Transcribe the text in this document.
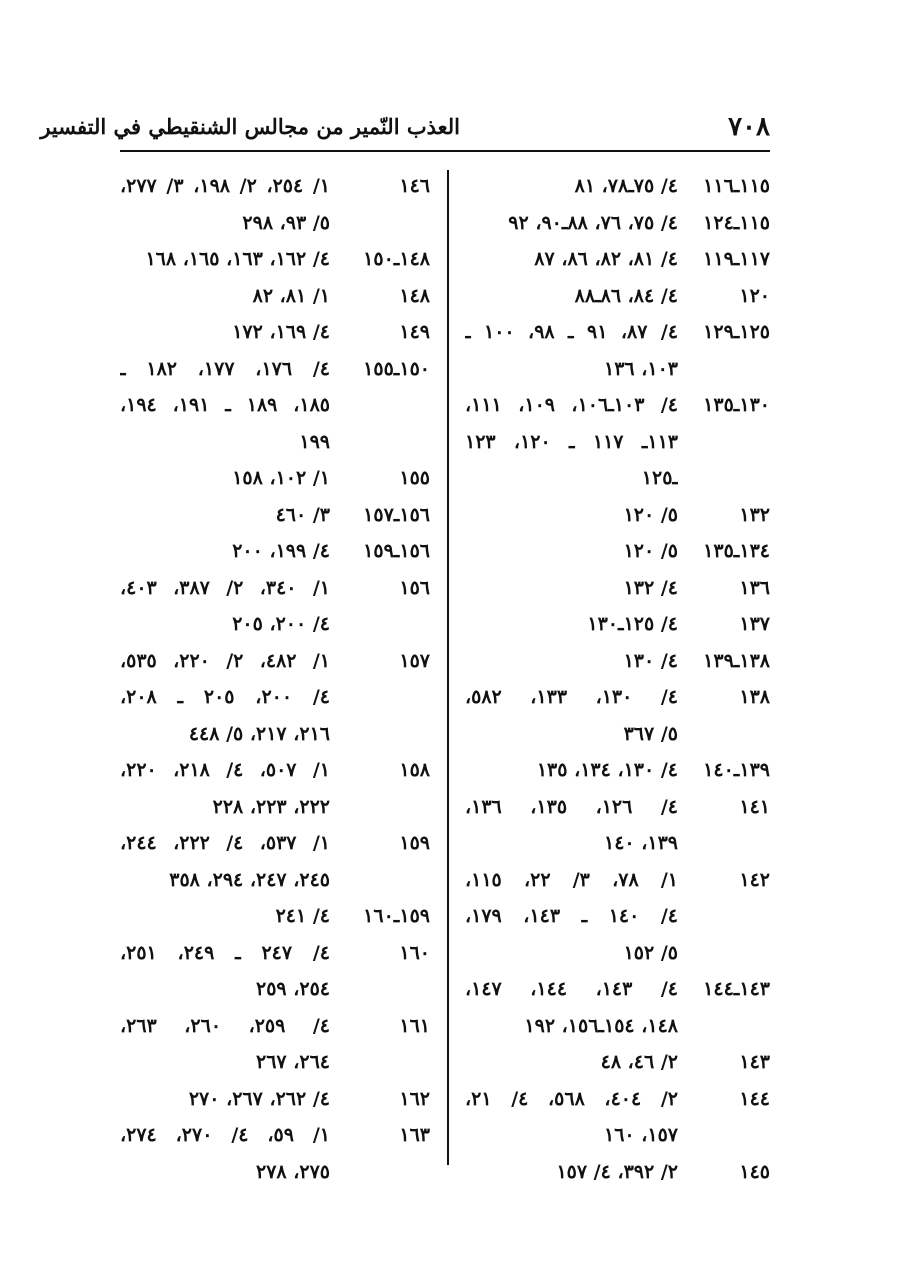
العذب النّمير من مجالس الشنقيطي في التفسير	٧٠٨
١١٥ـ١١٦
٤/ ٧٥ـ٧٨، ٨١
١١٥ـ١٢٤
٤/ ٧٥، ٧٦، ٨٨ـ٩٠، ٩٢
١١٧ـ١١٩
٤/ ٨١، ٨٢، ٨٦، ٨٧
١٢٠
٤/ ٨٤، ٨٦ـ٨٨
١٢٥ـ١٢٩
٤/ ٨٧، ٩١ ـ ٩٨، ١٠٠ ـ
١٠٣، ١٣٦
١٣٠ـ١٣٥
٤/ ١٠٣ـ١٠٦، ١٠٩، ١١١،
١١٣ـ ١١٧ ـ ١٢٠، ١٢٣
ـ١٢٥
١٣٢
٥/ ١٢٠
١٣٤ـ١٣٥
٥/ ١٢٠
١٣٦
٤/ ١٣٢
١٣٧
٤/ ١٢٥ـ١٣٠
١٣٨ـ١٣٩
٤/ ١٣٠
١٣٨
٤/ ١٣٠، ١٣٣، ٥٨٢،
٥/ ٣٦٧
١٣٩ـ١٤٠
٤/ ١٣٠، ١٣٤، ١٣٥
١٤١
٤/ ١٢٦، ١٣٥، ١٣٦،
١٣٩، ١٤٠
١٤٢
١/ ٧٨، ٣/ ٢٢، ١١٥،
٤/ ١٤٠ ـ ١٤٣، ١٧٩،
٥/ ١٥٢
١٤٣ـ١٤٤
٤/ ١٤٣، ١٤٤، ١٤٧،
١٤٨، ١٥٤ـ١٥٦، ١٩٢
١٤٣
٢/ ٤٦، ٤٨
١٤٤
٢/ ٤٠٤، ٥٦٨، ٤/ ٢١،
١٥٧، ١٦٠
١٤٥
٢/ ٣٩٢، ٤/ ١٥٧
١٤٦
١/ ٢٥٤، ٢/ ١٩٨، ٣/ ٢٧٧،
٥/ ٩٣، ٢٩٨
١٤٨ـ١٥٠
٤/ ١٦٢، ١٦٣، ١٦٥، ١٦٨
١٤٨
١/ ٨١، ٨٢
١٤٩
٤/ ١٦٩، ١٧٢
١٥٠ـ١٥٥
٤/ ١٧٦، ١٧٧، ١٨٢ ـ
١٨٥، ١٨٩ ـ ١٩١، ١٩٤،
١٩٩
١٥٥
١/ ١٠٢، ١٥٨
١٥٦ـ١٥٧
٣/ ٤٦٠
١٥٦ـ١٥٩
٤/ ١٩٩، ٢٠٠
١٥٦
١/ ٣٤٠، ٢/ ٣٨٧، ٤٠٣،
٤/ ٢٠٠، ٢٠٥
١٥٧
١/ ٤٨٢، ٢/ ٢٢٠، ٥٣٥،
٤/ ٢٠٠، ٢٠٥ ـ ٢٠٨،
٢١٦، ٢١٧، ٥/ ٤٤٨
١٥٨
١/ ٥٠٧، ٤/ ٢١٨، ٢٢٠،
٢٢٢، ٢٢٣، ٢٢٨
١٥٩
١/ ٥٣٧، ٤/ ٢٢٢، ٢٤٤،
٢٤٥، ٢٤٧، ٢٩٤، ٣٥٨
١٥٩ـ١٦٠
٤/ ٢٤١
١٦٠
٤/ ٢٤٧ ـ ٢٤٩، ٢٥١،
٢٥٤، ٢٥٩
١٦١
٤/ ٢٥٩، ٢٦٠، ٢٦٣،
٢٦٤، ٢٦٧
١٦٢
٤/ ٢٦٢، ٢٦٧، ٢٧٠
١٦٣
١/ ٥٩، ٤/ ٢٧٠، ٢٧٤،
٢٧٥، ٢٧٨
